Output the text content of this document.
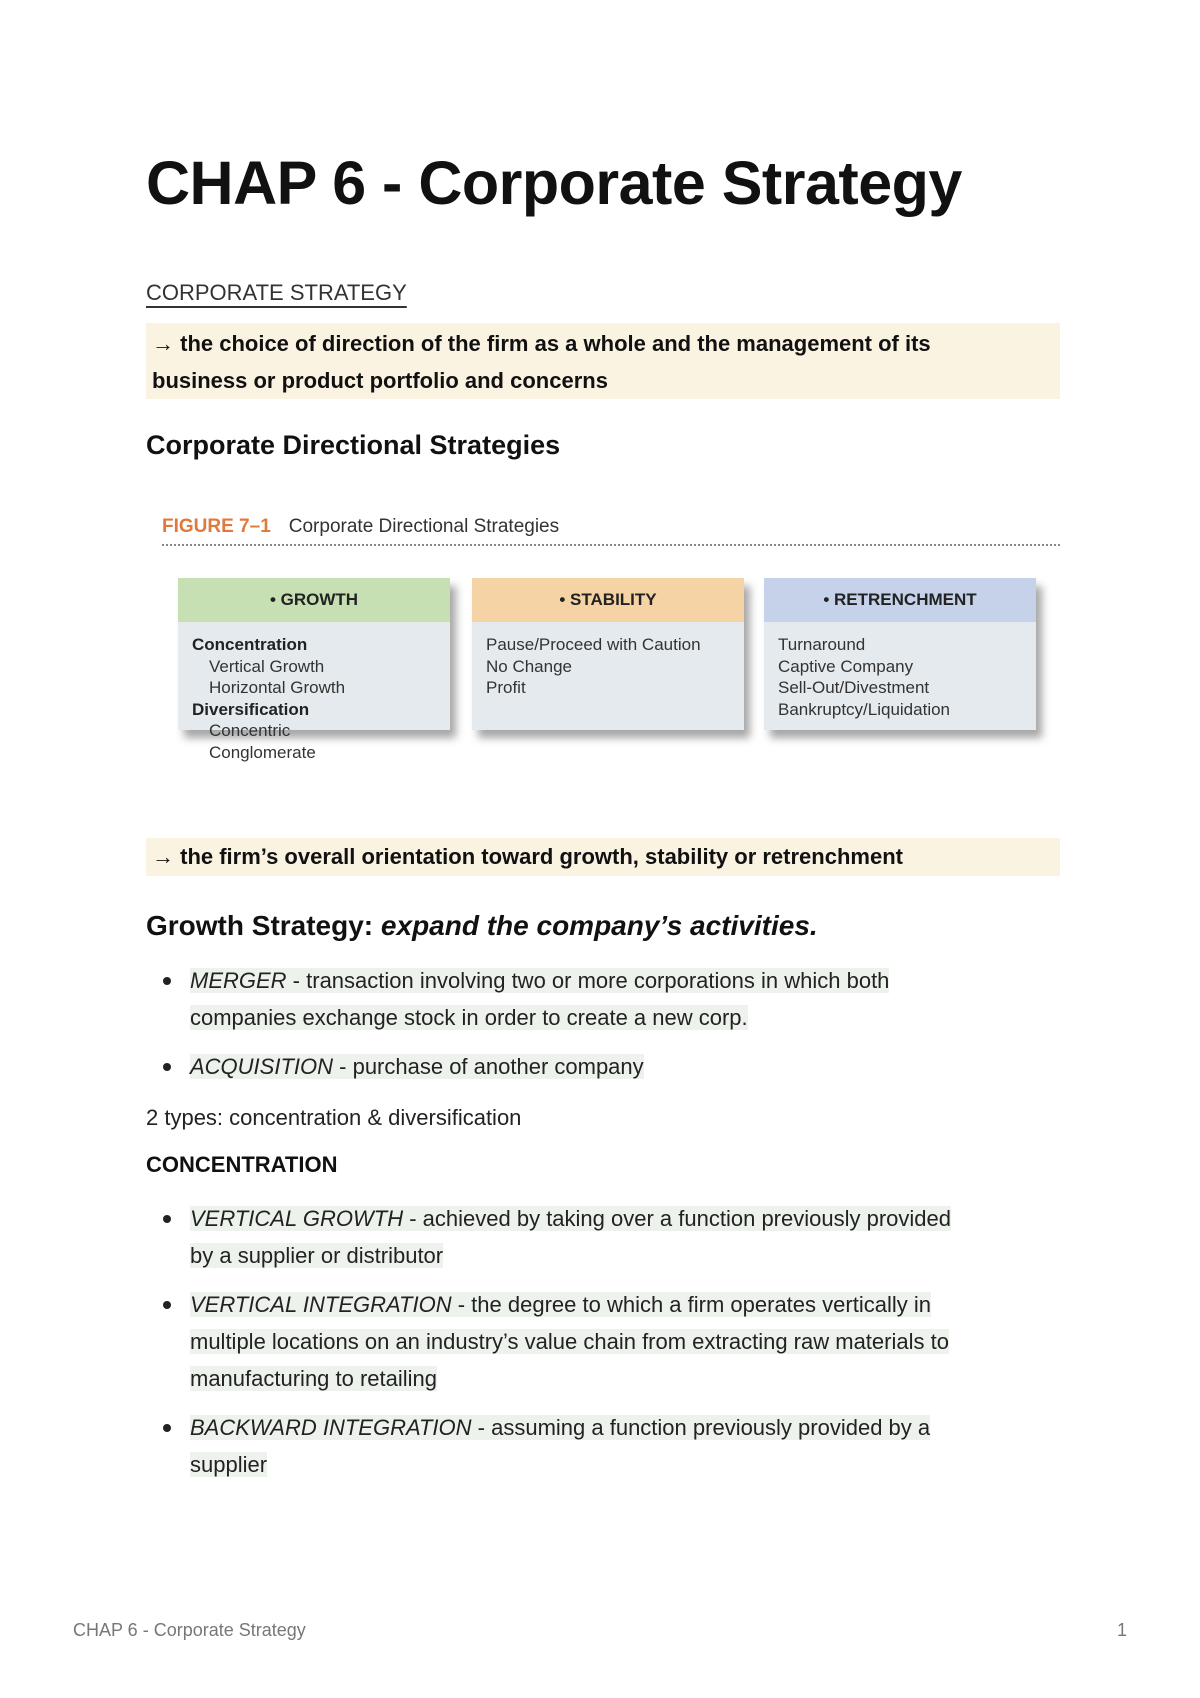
CHAP 6 - Corporate Strategy
CORPORATE STRATEGY
→ the choice of direction of the firm as a whole and the management of its
business or product portfolio and concerns
Corporate Directional Strategies
FIGURE 7–1 Corporate Directional Strategies
• GROWTH
Concentration
Vertical Growth
Horizontal Growth
Diversification
Concentric
Conglomerate
• STABILITY
Pause/Proceed with Caution
No Change
Profit
• RETRENCHMENT
Turnaround
Captive Company
Sell-Out/Divestment
Bankruptcy/Liquidation
→ the firm’s overall orientation toward growth, stability or retrenchment
Growth Strategy: expand the company’s activities.
MERGER - transaction involving two or more corporations in which both
companies exchange stock in order to create a new corp.
ACQUISITION - purchase of another company
2 types: concentration & diversification
CONCENTRATION
VERTICAL GROWTH - achieved by taking over a function previously provided
by a supplier or distributor
VERTICAL INTEGRATION - the degree to which a firm operates vertically in
multiple locations on an industry’s value chain from extracting raw materials to
manufacturing to retailing
BACKWARD INTEGRATION - assuming a function previously provided by a
supplier
CHAP 6 - Corporate Strategy	1
